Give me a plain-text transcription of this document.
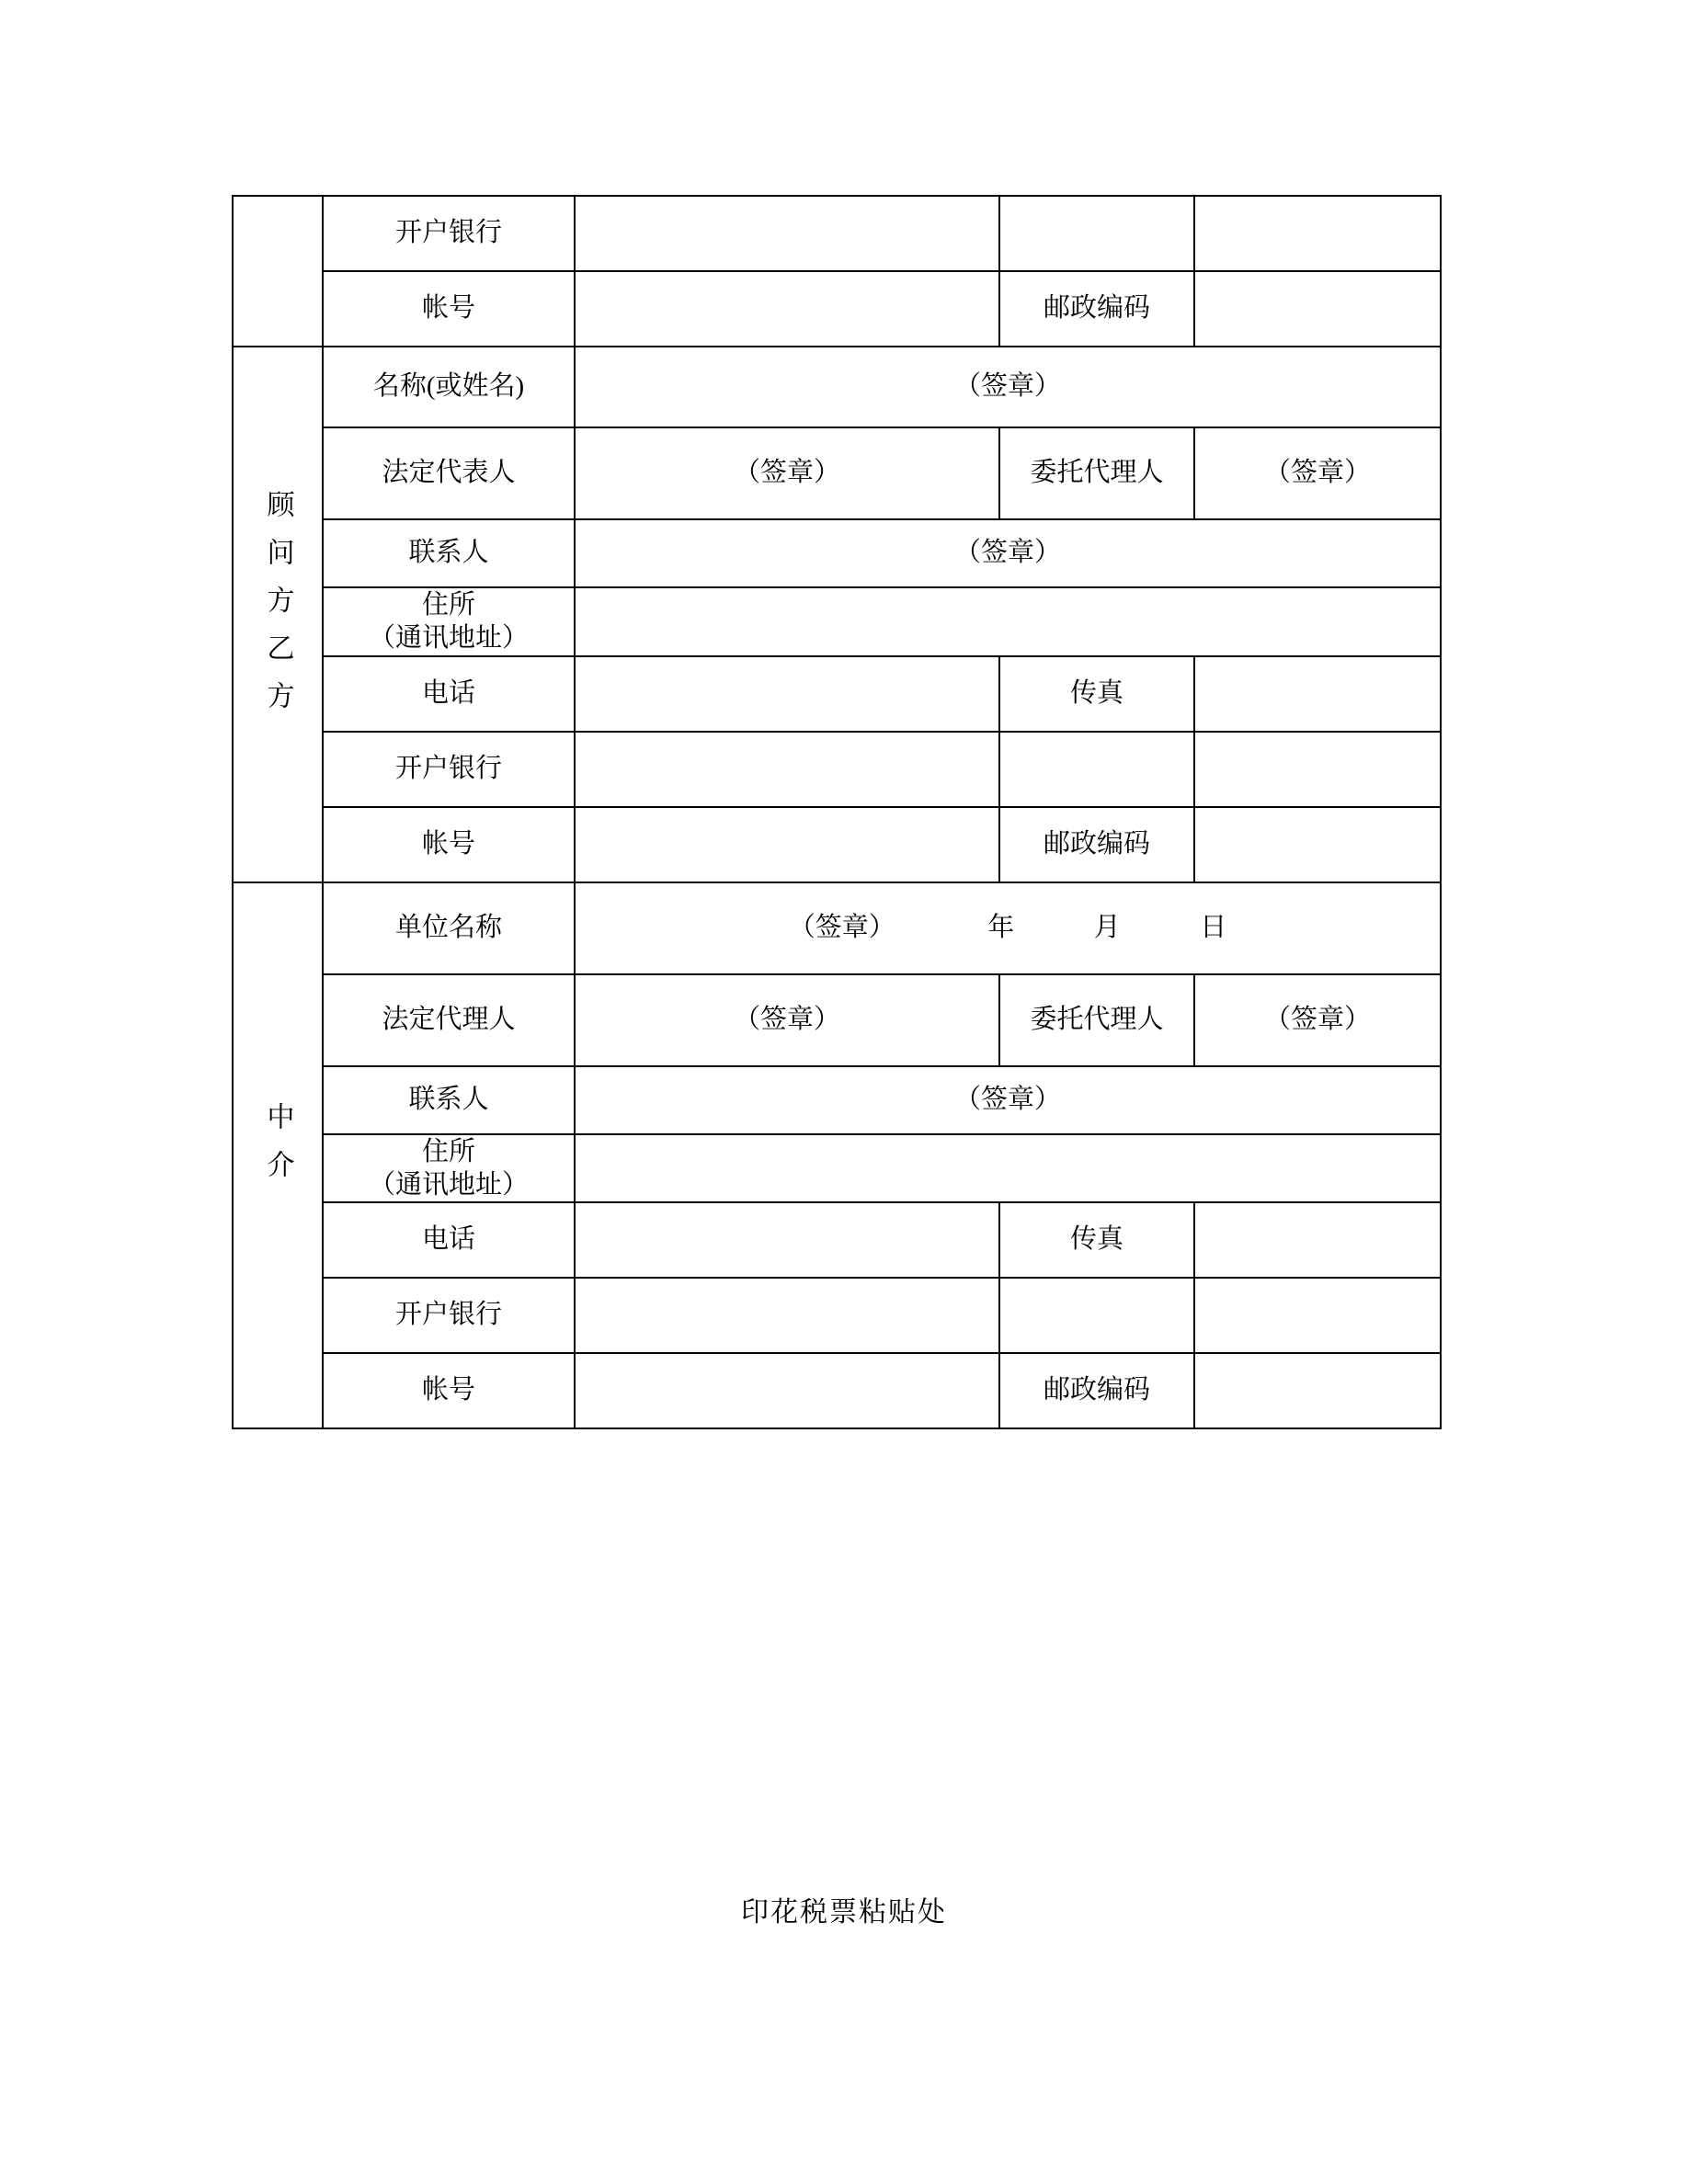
	开户银行			
	帐号		邮政编码	
顾问方乙方	名称(或姓名)	（签章）		
	法定代表人	（签章）	委托代理人	（签章）
	联系人	（签章）		

	住所
（通讯地址）			

	电话		传真	
	开户银行			
	帐号		邮政编码	
中介	单位名称	（签章） 年 月 日		
	法定代理人	（签章）	委托代理人	（签章）
	联系人	（签章）		

	住所
（通讯地址）			

	电话		传真	
	开户银行			
	帐号		邮政编码	
印花税票粘贴处
